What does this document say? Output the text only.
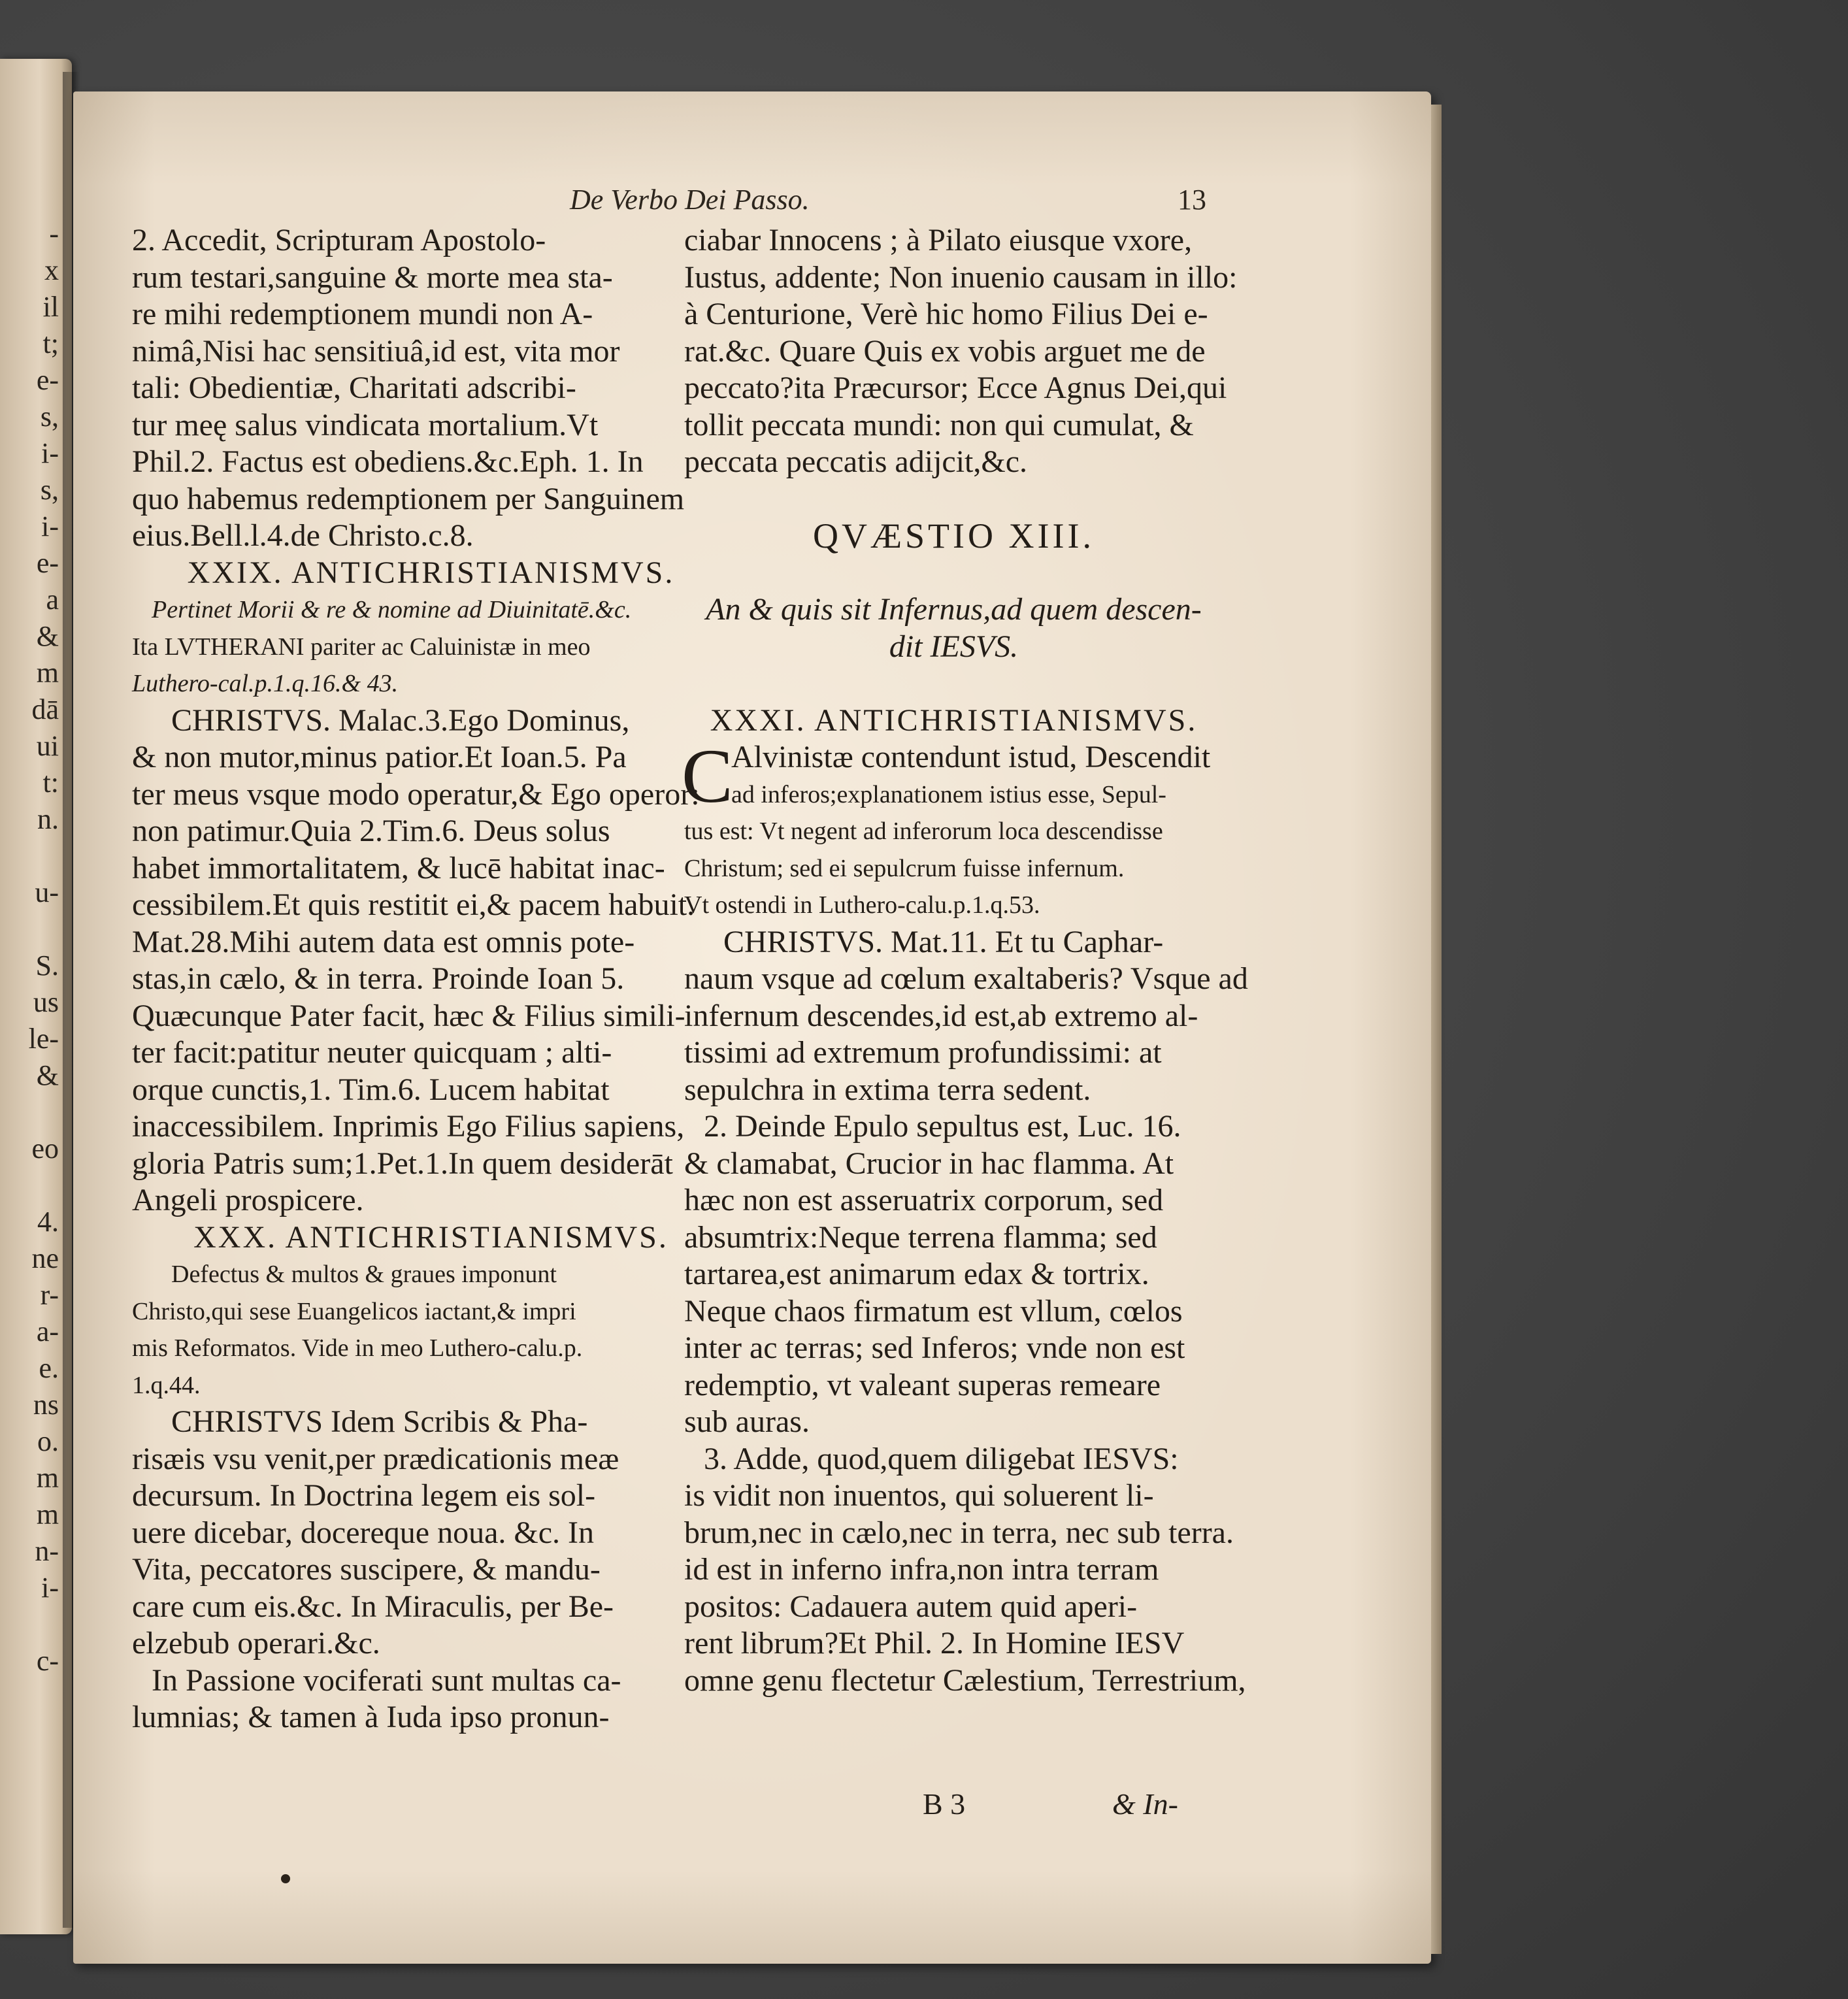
-
x
il
t;
e-
s,
i-
s,
i-
e-
a
&
m
dā
ui
t:
n.
u-
S.
us
le-
&
eo
4.
ne
r-
a-
e.
ns
o.
m
m
n-
i-
c-
De Verbo Dei Passo.	13
2. Accedit, Scripturam Apostolo-
rum testari,sanguine & morte mea sta-
re mihi redemptionem mundi non A-
nimâ,Nisi hac sensitiuâ,id est, vita mor
tali: Obedientiæ, Charitati adscribi-
tur meę salus vindicata mortalium.Vt
Phil.2. Factus est obediens.&c.Eph. 1. In
quo habemus redemptionem per Sanguinem
eius.Bell.l.4.de Christo.c.8.
XXIX. ANTICHRISTIANISMVS.
Pertinet Morii & re & nomine ad Diuinitatē.&c.
Ita LVTHERANI pariter ac Caluinistæ in meo
Luthero-cal.p.1.q.16.& 43.
CHRISTVS. Malac.3.Ego Dominus,
& non mutor,minus patior.Et Ioan.5. Pa
ter meus vsque modo operatur,& Ego operor:
non patimur.Quia 2.Tim.6. Deus solus
habet immortalitatem, & lucē habitat inac-
cessibilem.Et quis restitit ei,& pacem habuit.
Mat.28.Mihi autem data est omnis pote-
stas,in cælo, & in terra. Proinde Ioan 5.
Quæcunque Pater facit, hæc & Filius simili-
ter facit:patitur neuter quicquam ; alti-
orque cunctis,1. Tim.6. Lucem habitat
inaccessibilem. Inprimis Ego Filius sapiens,
gloria Patris sum;1.Pet.1.In quem desiderāt
Angeli prospicere.
XXX. ANTICHRISTIANISMVS.
Defectus & multos & graues imponunt
Christo,qui sese Euangelicos iactant,& impri
mis Reformatos. Vide in meo Luthero-calu.p.
1.q.44.
CHRISTVS Idem Scribis & Pha-
risæis vsu venit,per prædicationis meæ
decursum. In Doctrina legem eis sol-
uere dicebar, docereque noua. &c. In
Vita, peccatores suscipere, & mandu-
care cum eis.&c. In Miraculis, per Be-
elzebub operari.&c.
In Passione vociferati sunt multas ca-
lumnias; & tamen à Iuda ipso pronun-
ciabar Innocens ; à Pilato eiusque vxore,
Iustus, addente; Non inuenio causam in illo:
à Centurione, Verè hic homo Filius Dei e-
rat.&c. Quare Quis ex vobis arguet me de
peccato?ita Præcursor; Ecce Agnus Dei,qui
tollit peccata mundi: non qui cumulat, &
peccata peccatis adijcit,&c.
QVÆSTIO XIII.
An & quis sit Infernus,ad quem descen-
dit IESVS.
XXXI. ANTICHRISTIANISMVS.
C
Alvinistæ contendunt istud, Descendit
ad inferos;explanationem istius esse, Sepul-
tus est: Vt negent ad inferorum loca descendisse
Christum; sed ei sepulcrum fuisse infernum.
Vt ostendi in Luthero-calu.p.1.q.53.
CHRISTVS. Mat.11. Et tu Caphar-
naum vsque ad cœlum exaltaberis? Vsque ad
infernum descendes,id est,ab extremo al-
tissimi ad extremum profundissimi: at
sepulchra in extima terra sedent.
2. Deinde Epulo sepultus est, Luc. 16.
& clamabat, Crucior in hac flamma. At
hæc non est asseruatrix corporum, sed
absumtrix:Neque terrena flamma; sed
tartarea,est animarum edax & tortrix.
Neque chaos firmatum est vllum, cœlos
inter ac terras; sed Inferos; vnde non est
redemptio, vt valeant superas remeare
sub auras.
3. Adde, quod,quem diligebat IESVS:
is vidit non inuentos, qui soluerent li-
brum,nec in cælo,nec in terra, nec sub terra.
id est in inferno infra,non intra terram
positos: Cadauera autem quid aperi-
rent librum?Et Phil. 2. In Homine IESV
omne genu flectetur Cælestium, Terrestrium,
B 3	& In-
